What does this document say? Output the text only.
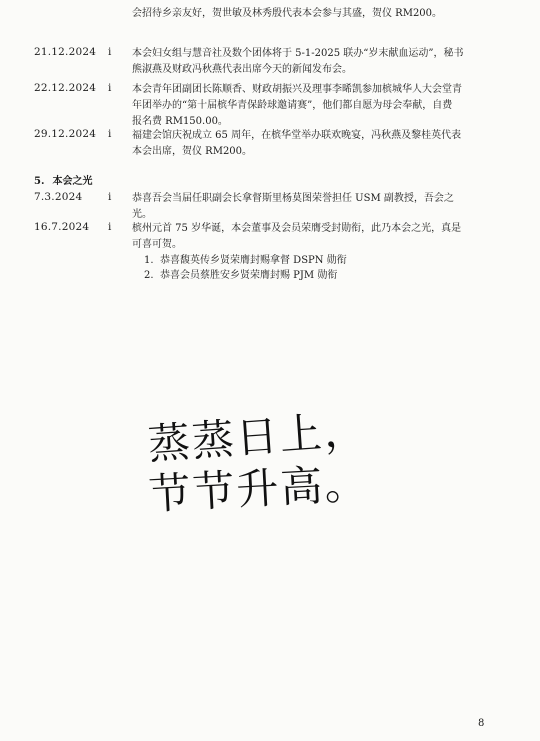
会招待乡亲友好，贺世敏及林秀殷代表本会参与其盛，贺仪 RM200。

21.12.2024 i 本会妇女组与慧音社及数个团体将于 5-1-2025 联办“岁末献血运动”，秘书

熊淑燕及财政冯秋燕代表出席今天的新闻发布会。

22.12.2024 i 本会青年团副团长陈顺香、财政胡振兴及理事李晞凯参加槟城华人大会堂青

年团举办的“第十届槟华青保龄球邀请赛”，他们都自愿为母会奉献，自费

报名费 RM150.00。

29.12.2024 i 福建会馆庆祝成立 65 周年，在槟华堂举办联欢晚宴，冯秋燕及黎桂英代表

本会出席，贺仪 RM200。

5. 本会之光
7.3.2024 i 恭喜吾会当届任职副会长拿督斯里杨莫图荣誉担任 USM 副教授，吾会之

光。

16.7.2024 i 槟州元首 75 岁华诞，本会董事及会员荣膺受封勋衔，此乃本会之光，真是

可喜可贺。

1. 恭喜馥英传乡贤荣膺封赐拿督 DSPN 勋衔
2. 恭喜会员蔡胜安乡贤荣膺封赐 PJM 勋衔
蒸蒸日上，
节节升高。
8
